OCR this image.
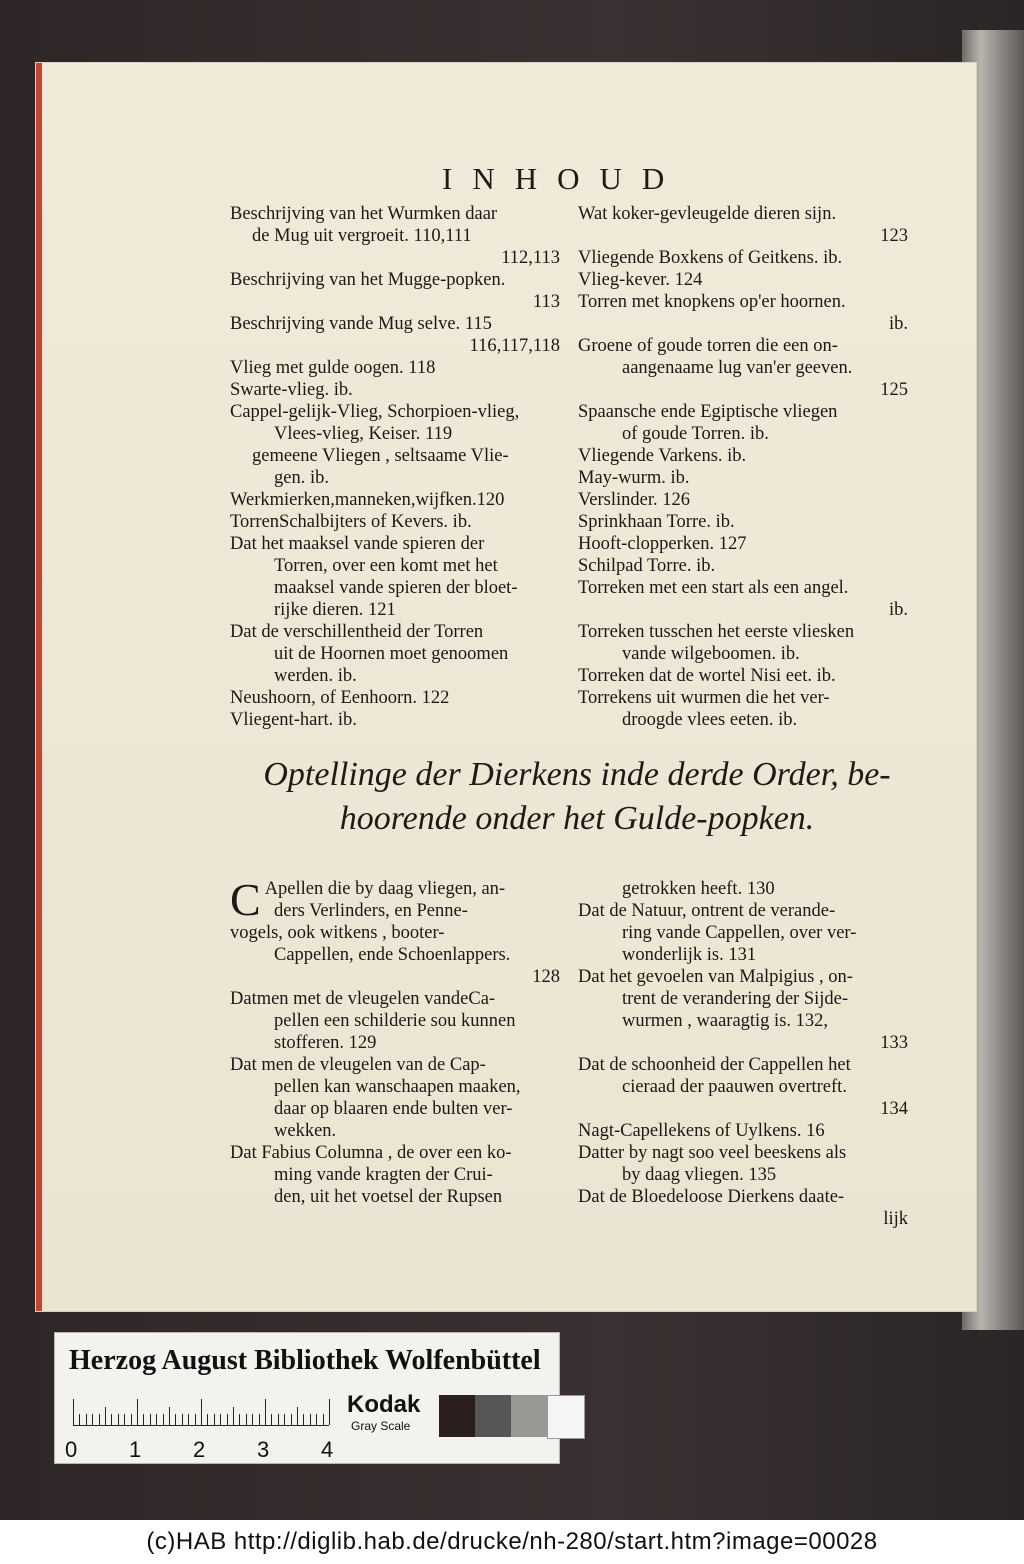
INHOUD
Beschrijving van het Wurmken daar
de Mug uit vergroeit. 110,111
112,113
Beschrijving van het Mugge-popken.
113
Beschrijving vande Mug selve. 115
116,117,118
Vlieg met gulde oogen. 118
Swarte-vlieg. ib.
Cappel-gelijk-Vlieg, Schorpioen-vlieg,
Vlees-vlieg, Keiser. 119
gemeene Vliegen , seltsaame Vlie-
gen. ib.
Werkmierken,manneken,wijfken.120
TorrenSchalbijters of Kevers. ib.
Dat het maaksel vande spieren der
Torren, over een komt met het
maaksel vande spieren der bloet-
rijke dieren. 121
Dat de verschillentheid der Torren
uit de Hoornen moet genoomen
werden. ib.
Neushoorn, of Eenhoorn. 122
Vliegent-hart. ib.
Wat koker-gevleugelde dieren sijn.
123
Vliegende Boxkens of Geitkens. ib.
Vlieg-kever. 124
Torren met knopkens op'er hoornen.
ib.
Groene of goude torren die een on-
aangenaame lug van'er geeven.
125
Spaansche ende Egiptische vliegen
of goude Torren. ib.
Vliegende Varkens. ib.
May-wurm. ib.
Verslinder. 126
Sprinkhaan Torre. ib.
Hooft-clopperken. 127
Schilpad Torre. ib.
Torreken met een start als een angel.
ib.
Torreken tusschen het eerste vliesken
vande wilgeboomen. ib.
Torreken dat de wortel Nisi eet. ib.
Torrekens uit wurmen die het ver-
droogde vlees eeten. ib.
Optellinge der Dierkens inde derde Order, be-
hoorende onder het Gulde-popken.
C Apellen die by daag vliegen, an-
ders Verlinders, en Penne-
vogels, ook witkens , booter-
Cappellen, ende Schoenlappers.
128
Datmen met de vleugelen vandeCa-
pellen een schilderie sou kunnen
stofferen. 129
Dat men de vleugelen van de Cap-
pellen kan wanschaapen maaken,
daar op blaaren ende bulten ver-
wekken.
Dat Fabius Columna , de over een ko-
ming vande kragten der Crui-
den, uit het voetsel der Rupsen
getrokken heeft. 130
Dat de Natuur, ontrent de verande-
ring vande Cappellen, over ver-
wonderlijk is. 131
Dat het gevoelen van Malpigius , on-
trent de verandering der Sijde-
wurmen , waaragtig is. 132,
133
Dat de schoonheid der Cappellen het
cieraad der paauwen overtreft.
134
Nagt-Capellekens of Uylkens. 16
Datter by nagt soo veel beeskens als
by daag vliegen. 135
Dat de Bloedeloose Dierkens daate-
lijk
Herzog August Bibliothek Wolfenbüttel
0 1 2 3 4
Kodak
Gray Scale
(c)HAB http://diglib.hab.de/drucke/nh-280/start.htm?image=00028
